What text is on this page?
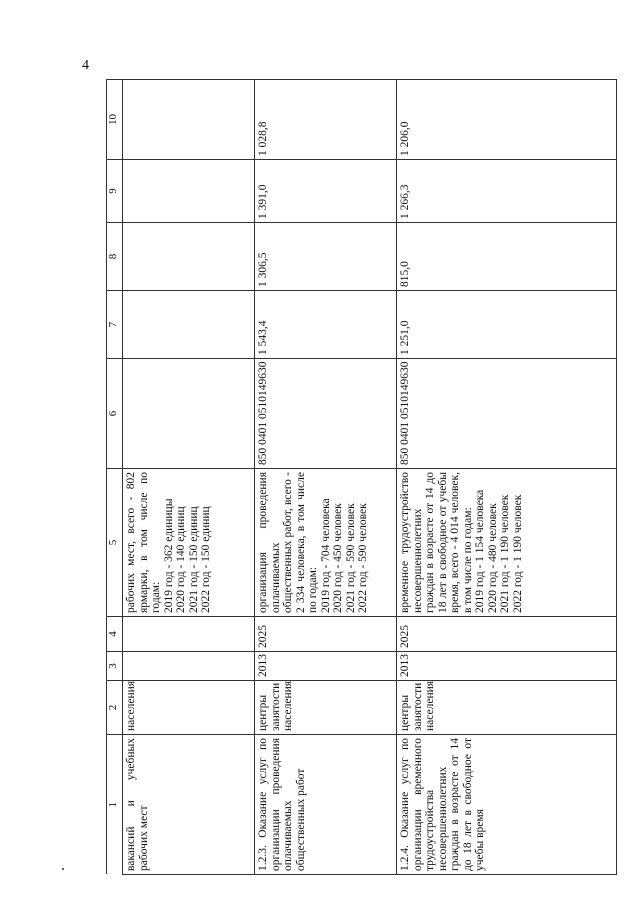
4
1	2	3	4	5	6	7	8	9	10
вакансий и учебных рабочих мест	населения			рабочих мест, всего - 802 ярмарки, в том числе по годам: 2019 год - 362 единицы 2020 год - 140 единиц 2021 год - 150 единиц 2022 год - 150 единиц					

1.2.3. Оказание услуг по организации проведения оплачиваемых общественных работ	центры занятости населения	2013	2025	организация проведения оплачиваемых общественных работ, всего - 2 334 человека, в том числе по годам: 2019 год - 704 человека 2020 год - 450 человек 2021 год - 590 человек 2022 год - 590 человек	850 0401 0510149630	1 543,4	1 306,5	1 391,0	1 028,8
1.2.4. Оказание услуг по организации временного трудоустройства несовершеннолетних граждан в возрасте от 14 до 18 лет в свободное от учебы время	центры занятости населения	2013	2025	временное трудоустройство несовершеннолетних граждан в возрасте от 14 до 18 лет в свободное от учебы время, всего - 4 014 человек, в том числе по годам: 2019 год - 1 154 человека 2020 год - 480 человек 2021 год - 1 190 человек 2022 год - 1 190 человек	850 0401 0510149630	1 251,0	815,0	1 266,3	1 206,0
